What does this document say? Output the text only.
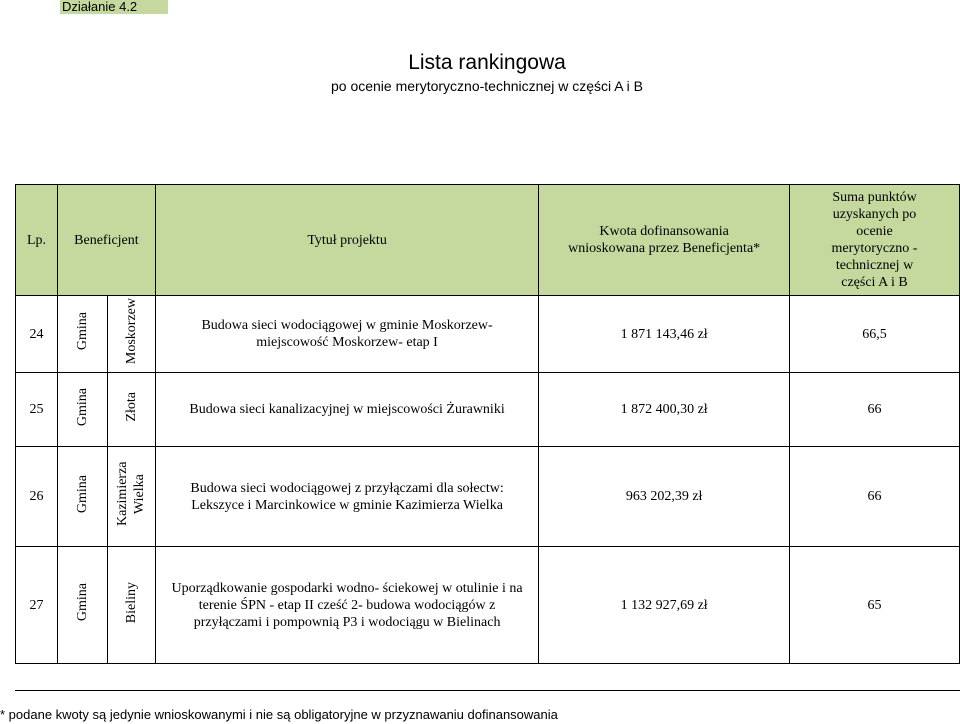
Działanie 4.2
Lista rankingowa
po ocenie merytoryczno-technicznej w części A i B
Lp.	Beneficjent		Tytuł projektu	Kwota dofinansowania wnioskowana przez Beneficjenta*	Suma punktów uzyskanych po ocenie merytoryczno -technicznej w części A i B
24	Gmina	Moskorzew	Budowa sieci wodociągowej w gminie Moskorzew- miejscowość Moskorzew- etap I	1 871 143,46 zł	66,5
25	Gmina	Złota	Budowa sieci kanalizacyjnej w miejscowości Żurawniki	1 872 400,30 zł	66
26	Gmina	Kazimierza Wielka	Budowa sieci wodociągowej z przyłączami dla sołectw: Lekszyce i Marcinkowice w gminie Kazimierza Wielka	963 202,39 zł	66
27	Gmina	Bieliny	Uporządkowanie gospodarki wodno- ściekowej w otulinie i na terenie ŚPN - etap II cześć 2- budowa wodociągów z przyłączami i pompownią P3 i wodociągu w Bielinach	1 132 927,69 zł	65
* podane kwoty są jedynie wnioskowanymi i nie są obligatoryjne w przyznawaniu dofinansowania
